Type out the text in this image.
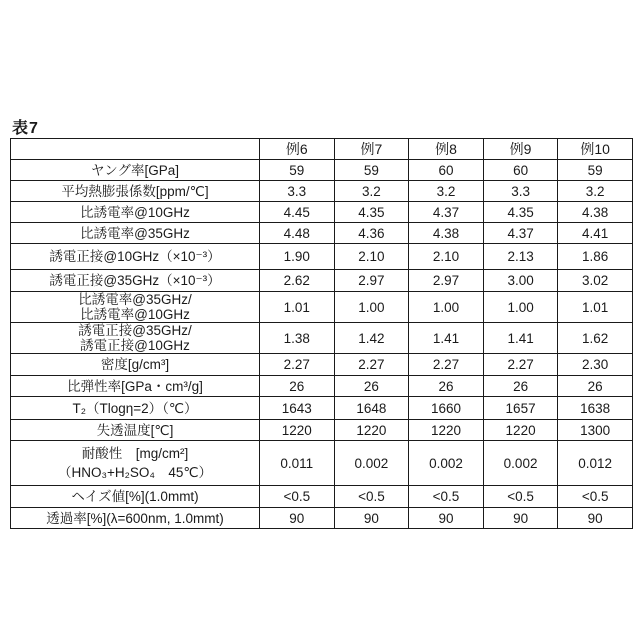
表7
	例6	例7	例8	例9	例10
ヤング率[GPa]	59	59	60	60	59
平均熱膨張係数[ppm/℃]	3.3	3.2	3.2	3.3	3.2
比誘電率@10GHz	4.45	4.35	4.37	4.35	4.38
比誘電率@35GHz	4.48	4.36	4.38	4.37	4.41
誘電正接@10GHz（×10⁻³）	1.90	2.10	2.10	2.13	1.86
誘電正接@35GHz（×10⁻³）	2.62	2.97	2.97	3.00	3.02
比誘電率@35GHz/
比誘電率@10GHz	1.01	1.00	1.00	1.00	1.01
誘電正接@35GHz/
誘電正接@10GHz	1.38	1.42	1.41	1.41	1.62
密度[g/cm³]	2.27	2.27	2.27	2.27	2.30
比弾性率[GPa・cm³/g]	26	26	26	26	26
T₂（Tlogη=2）（℃）	1643	1648	1660	1657	1638
失透温度[℃]	1220	1220	1220	1220	1300
耐酸性　[mg/cm²]
（HNO₃+H₂SO₄　45℃）	0.011	0.002	0.002	0.002	0.012
ヘイズ値[%](1.0mmt)	<0.5	<0.5	<0.5	<0.5	<0.5
透過率[%](λ=600nm, 1.0mmt)	90	90	90	90	90
